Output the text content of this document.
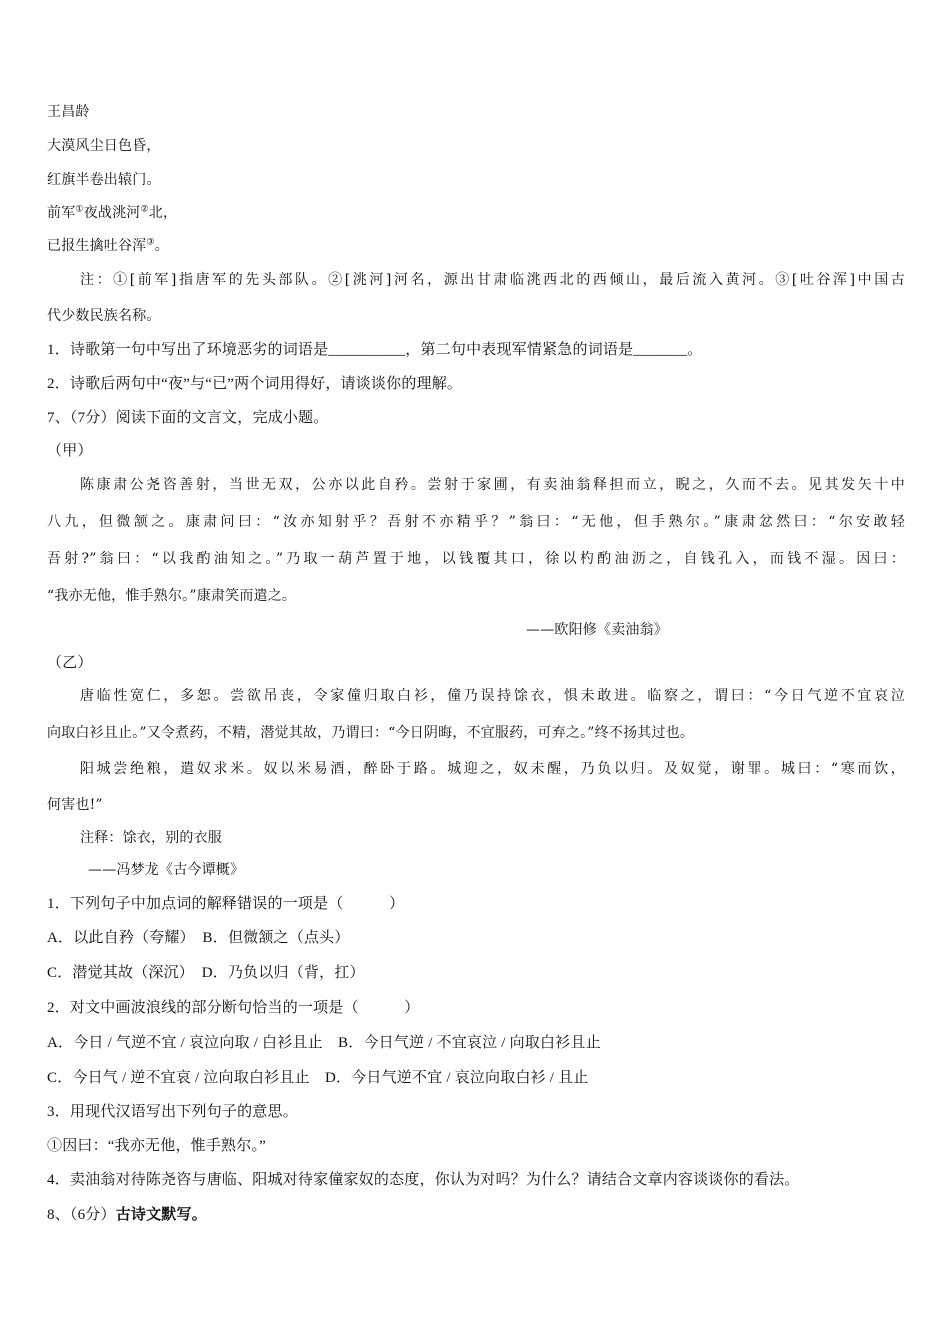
王昌龄
大漠风尘日色昏，
红旗半卷出辕门。
前军①夜战洮河②北，
已报生擒吐谷浑③。
注：①[前军]指唐军的先头部队。②[洮河]河名，源出甘肃临洮西北的西倾山，最后流入黄河。③[吐谷浑]中国古
代少数民族名称。
1．诗歌第一句中写出了环境恶劣的词语是__________，第二句中表现军情紧急的词语是_______。
2．诗歌后两句中“夜”与“已”两个词用得好，请谈谈你的理解。
7、（7分）阅读下面的文言文，完成小题。
（甲）
陈康肃公尧咨善射，当世无双，公亦以此自矜。尝射于家圃，有卖油翁释担而立，睨之，久而不去。见其发矢十中
八九，但微颔之。康肃问曰：“汝亦知射乎？吾射不亦精乎？”翁曰：“无他，但手熟尔。”康肃忿然曰：“尔安敢轻
吾射?”翁曰：“以我酌油知之。”乃取一葫芦置于地，以钱覆其口，徐以杓酌油沥之，自钱孔入，而钱不湿。因曰：
“我亦无他，惟手熟尔。”康肃笑而遣之。
——欧阳修《卖油翁》
（乙）
唐临性宽仁，多恕。尝欲吊丧，令家僮归取白衫，僮乃误持馀衣，惧未敢进。临察之，谓曰：“今日气逆不宜哀泣
向取白衫且止。”又令煮药，不精，潜觉其故，乃谓曰：“今日阴晦，不宜服药，可弃之。”终不扬其过也。
阳城尝绝粮，遣奴求米。奴以米易酒，醉卧于路。城迎之，奴未醒，乃负以归。及奴觉，谢罪。城曰：“寒而饮，
何害也!”
注释：馀衣，别的衣服
——冯梦龙《古今谭概》
1．下列句子中加点词的解释错误的一项是（　　　）
A．以此自矜（夸耀）　B．但微颔之（点头）
C．潜觉其故（深沉）　D．乃负以归（背，扛）
2．对文中画波浪线的部分断句恰当的一项是（　　　）
A．今日 / 气逆不宜 / 哀泣向取 / 白衫且止　B．今日气逆 / 不宜哀泣 / 向取白衫且止
C．今日气 / 逆不宜哀 / 泣向取白衫且止　D．今日气逆不宜 / 哀泣向取白衫 / 且止
3．用现代汉语写出下列句子的意思。
①因曰：“我亦无他，惟手熟尔。”
4．卖油翁对待陈尧咨与唐临、阳城对待家僮家奴的态度，你认为对吗？为什么？请结合文章内容谈谈你的看法。
8、（6分）古诗文默写。
